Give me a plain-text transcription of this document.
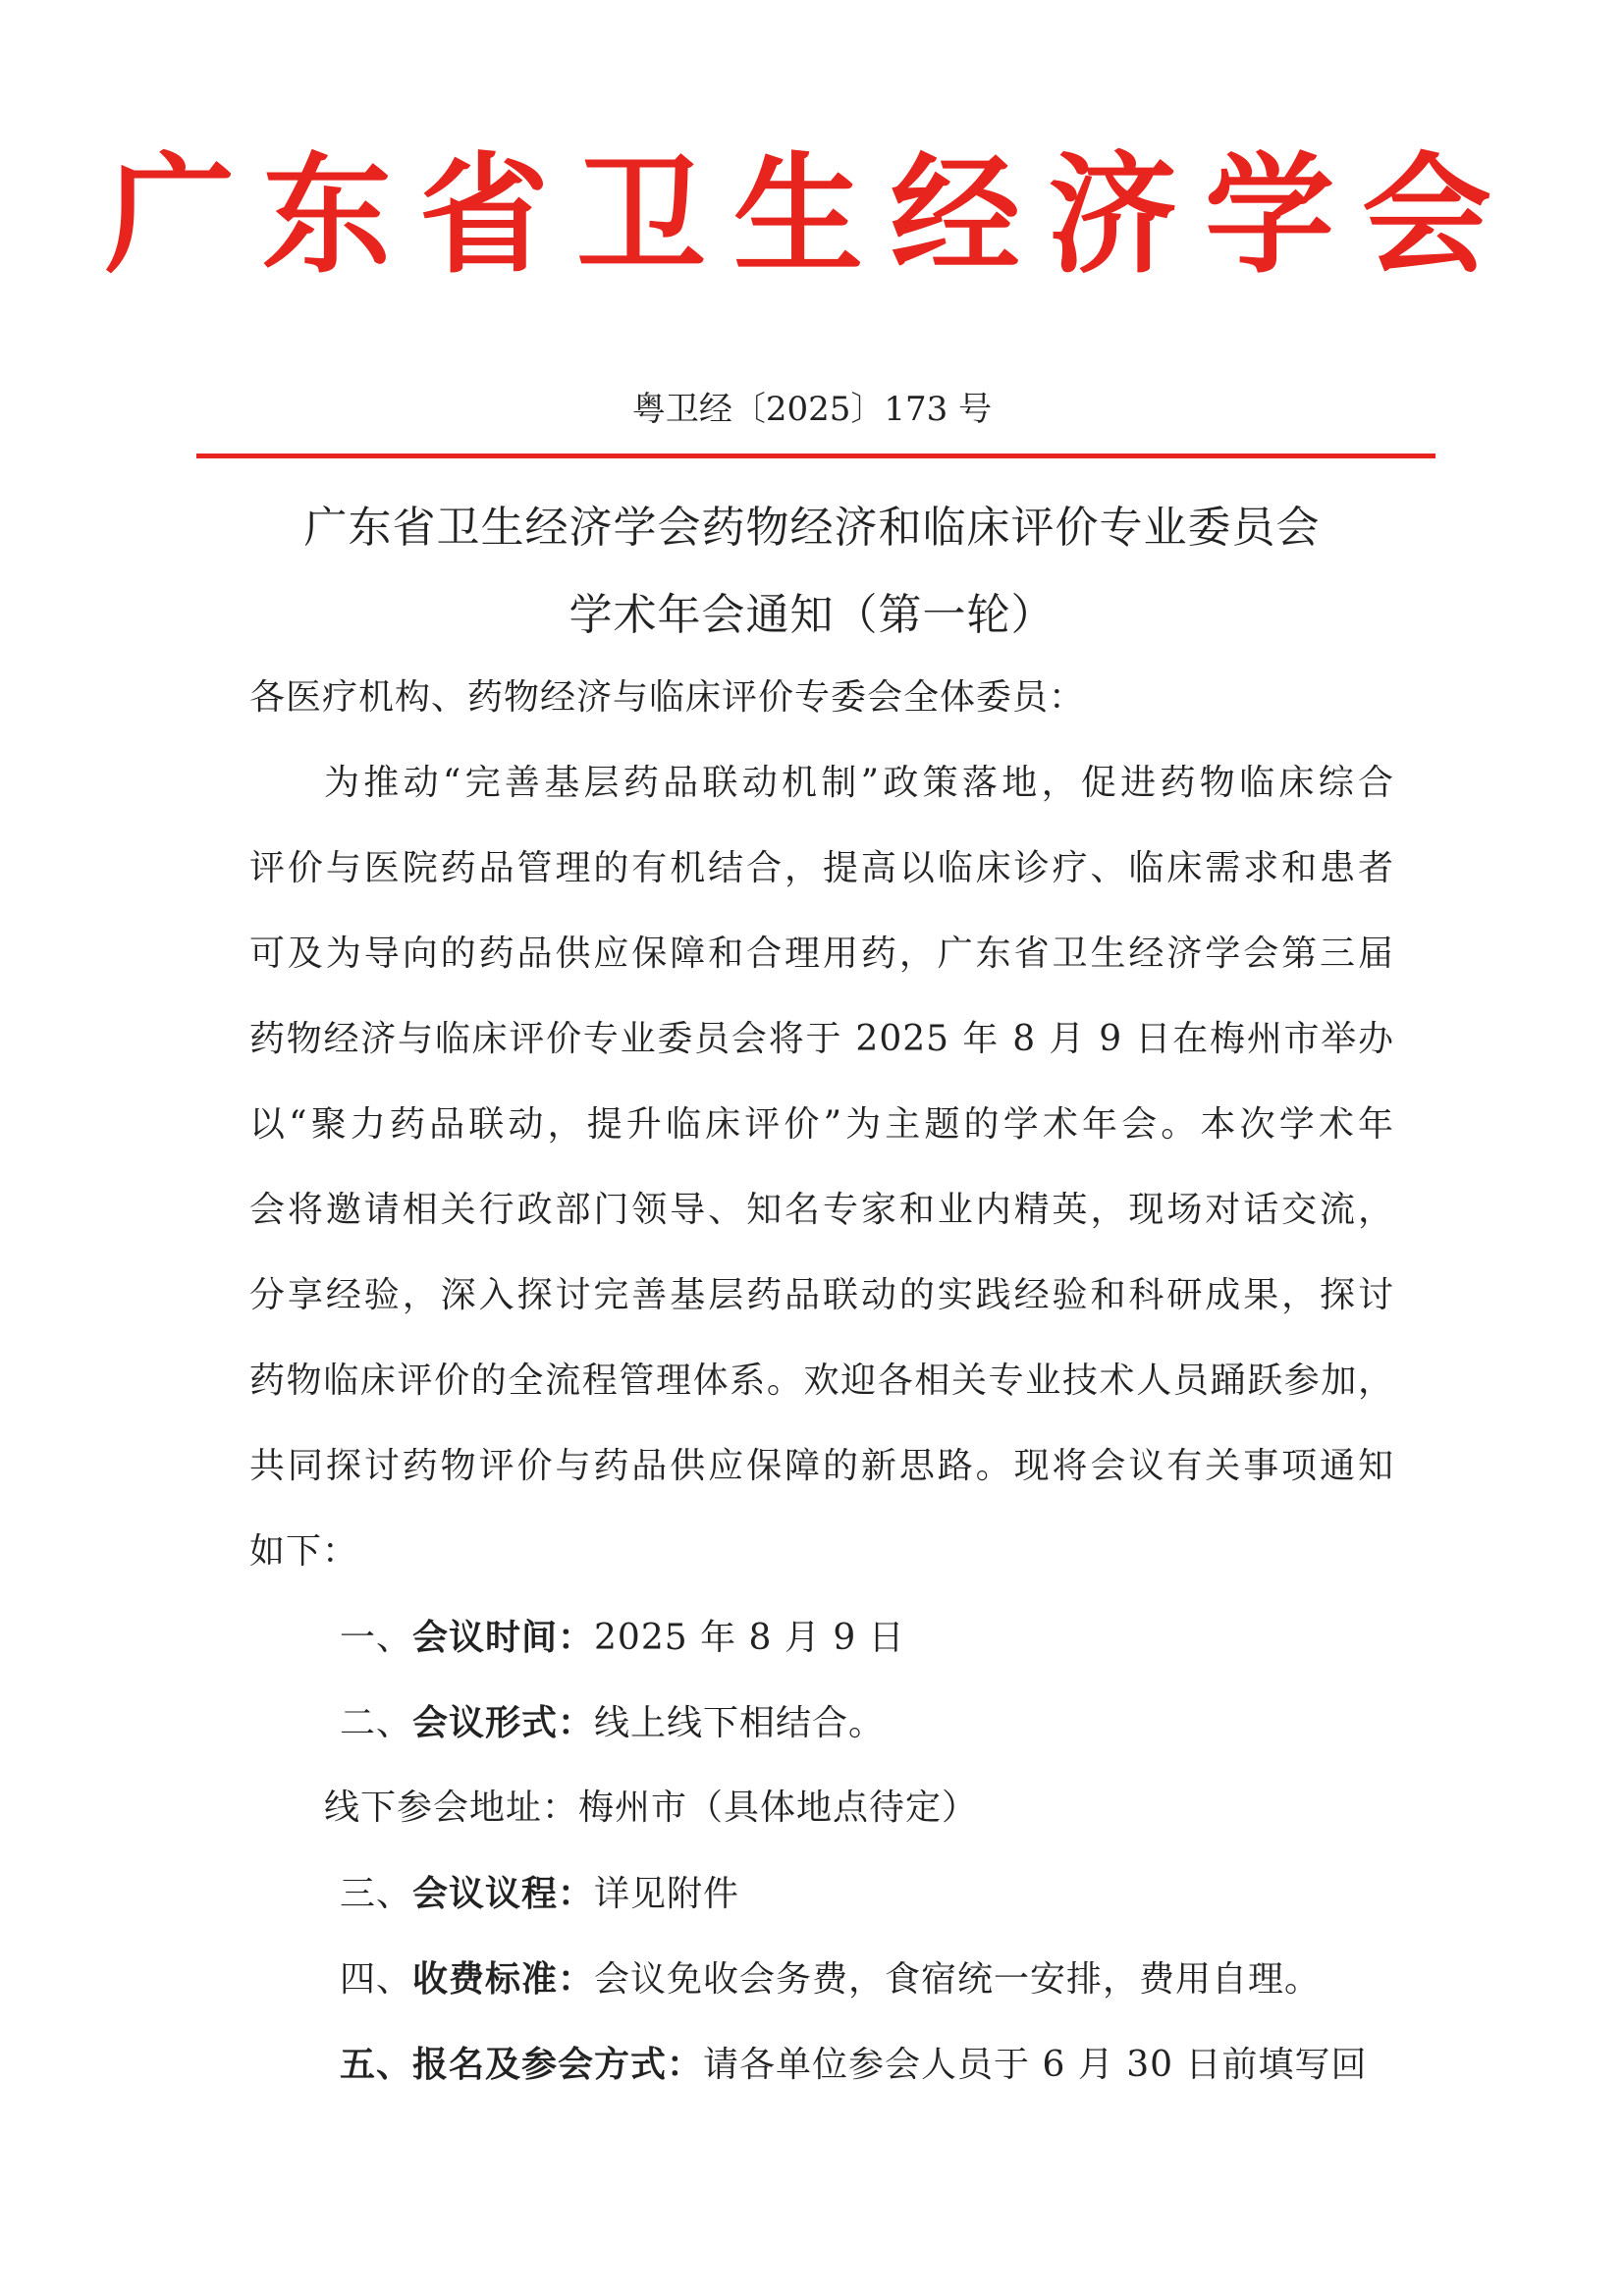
广东省卫生经济学会
粤卫经〔2025〕173 号
广东省卫生经济学会药物经济和临床评价专业委员会
学术年会通知（第一轮）
各医疗机构、药物经济与临床评价专委会全体委员：
为推动“完善基层药品联动机制”政策落地，促进药物临床综合
评价与医院药品管理的有机结合，提高以临床诊疗、临床需求和患者
可及为导向的药品供应保障和合理用药，广东省卫生经济学会第三届
药物经济与临床评价专业委员会将于 2025 年 8 月 9 日在梅州市举办
以“聚力药品联动，提升临床评价”为主题的学术年会。本次学术年
会将邀请相关行政部门领导、知名专家和业内精英，现场对话交流，
分享经验，深入探讨完善基层药品联动的实践经验和科研成果，探讨
药物临床评价的全流程管理体系。欢迎各相关专业技术人员踊跃参加，
共同探讨药物评价与药品供应保障的新思路。现将会议有关事项通知
如下：
一、会议时间：2025 年 8 月 9 日
二、会议形式：线上线下相结合。
线下参会地址：梅州市（具体地点待定）
三、会议议程：详见附件
四、收费标准：会议免收会务费，食宿统一安排，费用自理。
五、报名及参会方式：请各单位参会人员于 6 月 30 日前填写回
